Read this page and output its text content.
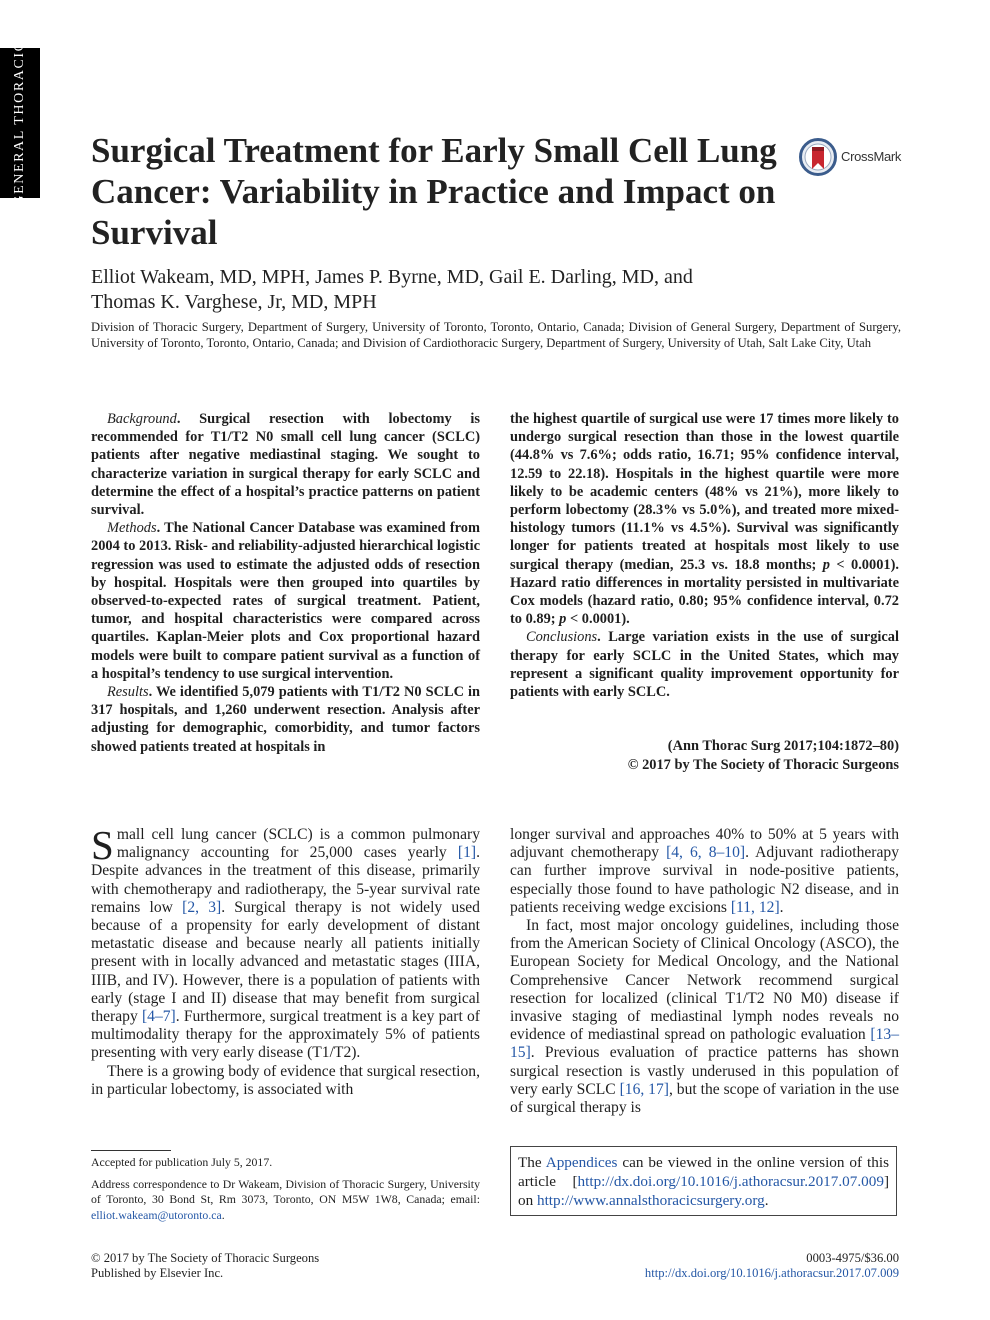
GENERAL THORACIC Surgical Treatment for Early Small Cell Lung Cancer: Variability in Practice and Impact on Survival
CrossMark
Elliot Wakeam, MD, MPH, James P. Byrne, MD, Gail E. Darling, MD, and
Thomas K. Varghese, Jr, MD, MPH
Division of Thoracic Surgery, Department of Surgery, University of Toronto, Toronto, Ontario, Canada; Division of General Surgery, Department of Surgery, University of Toronto, Toronto, Ontario, Canada; and Division of Cardiothoracic Surgery, Department of Surgery, University of Utah, Salt Lake City, Utah

Background. Surgical resection with lobectomy is recommended for T1/T2 N0 small cell lung cancer (SCLC) patients after negative mediastinal staging. We sought to characterize variation in surgical therapy for early SCLC and determine the effect of a hospital’s practice patterns on patient survival.

Methods. The National Cancer Database was examined from 2004 to 2013. Risk- and reliability-adjusted hierarchical logistic regression was used to estimate the adjusted odds of resection by hospital. Hospitals were then grouped into quartiles by observed-to-expected rates of surgical treatment. Patient, tumor, and hospital characteristics were compared across quartiles. Kaplan-Meier plots and Cox proportional hazard models were built to compare patient survival as a function of a hospital’s tendency to use surgical intervention.

Results. We identified 5,079 patients with T1/T2 N0 SCLC in 317 hospitals, and 1,260 underwent resection. Analysis after adjusting for demographic, comorbidity, and tumor factors showed patients treated at hospitals in

the highest quartile of surgical use were 17 times more likely to undergo surgical resection than those in the lowest quartile (44.8% vs 7.6%; odds ratio, 16.71; 95% confidence interval, 12.59 to 22.18). Hospitals in the highest quartile were more likely to be academic centers (48% vs 21%), more likely to perform lobectomy (28.3% vs 5.0%), and treated more mixed-histology tumors (11.1% vs 4.5%). Survival was significantly longer for patients treated at hospitals most likely to use surgical therapy (median, 25.3 vs. 18.8 months; p < 0.0001). Hazard ratio differences in mortality persisted in multivariate Cox models (hazard ratio, 0.80; 95% confidence interval, 0.72 to 0.89; p < 0.0001).

Conclusions. Large variation exists in the use of surgical therapy for early SCLC in the United States, which may represent a significant quality improvement opportunity for patients with early SCLC.

(Ann Thorac Surg 2017;104:1872–80)
© 2017 by The Society of Thoracic Surgeons

Small cell lung cancer (SCLC) is a common pulmonary malignancy accounting for 25,000 cases yearly [1]. Despite advances in the treatment of this disease, primarily with chemotherapy and radiotherapy, the 5-year survival rate remains low [2, 3]. Surgical therapy is not widely used because of a propensity for early development of distant metastatic disease and because nearly all patients initially present with in locally advanced and metastatic stages (IIIA, IIIB, and IV). However, there is a population of patients with early (stage I and II) disease that may benefit from surgical therapy [4–7]. Furthermore, surgical treatment is a key part of multimodality therapy for the approximately 5% of patients presenting with very early disease (T1/T2).

There is a growing body of evidence that surgical resection, in particular lobectomy, is associated with

longer survival and approaches 40% to 50% at 5 years with adjuvant chemotherapy [4, 6, 8–10]. Adjuvant radiotherapy can further improve survival in node-positive patients, especially those found to have pathologic N2 disease, and in patients receiving wedge excisions [11, 12].

In fact, most major oncology guidelines, including those from the American Society of Clinical Oncology (ASCO), the European Society for Medical Oncology, and the National Comprehensive Cancer Network recommend surgical resection for localized (clinical T1/T2 N0 M0) disease if invasive staging of mediastinal lymph nodes reveals no evidence of mediastinal spread on pathologic evaluation [13–15]. Previous evaluation of practice patterns has shown surgical resection is vastly underused in this population of very early SCLC [16, 17], but the scope of variation in the use of surgical therapy is

Accepted for publication July 5, 2017.

Address correspondence to Dr Wakeam, Division of Thoracic Surgery, University of Toronto, 30 Bond St, Rm 3073, Toronto, ON M5W 1W8, Canada; email: elliot.wakeam@utoronto.ca.

The Appendices can be viewed in the online version of this article [http://dx.doi.org/10.1016/j.athoracsur.2017.07.009] on http://www.annalsthoracicsurgery.org.
© 2017 by The Society of Thoracic Surgeons
Published by Elsevier Inc.
0003-4975/$36.00
http://dx.doi.org/10.1016/j.athoracsur.2017.07.009
